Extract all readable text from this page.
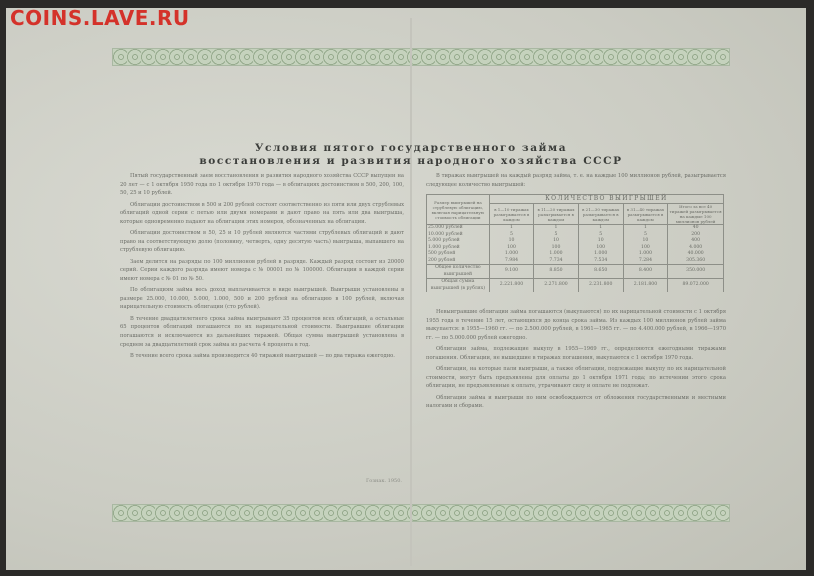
Условия пятого государственного займа
восстановления и развития народного хозяйства СССР

Пятый государственный заем восстановления и развития народного хозяйства СССР выпущен на 20 лет — с 1 октября 1950 года по 1 октября 1970 года — в облигациях достоинством в 500, 200, 100, 50, 25 и 10 рублей.

Облигации достоинством в 500 и 200 рублей состоят соответственно из пяти или двух cтрублевых облигаций одной серии с петью или двумя номерами и дают право на пять или два выигрыша, которые одновременно падают на облигации этих номеров, обозначенных на облигации.

Облигации достоинством в 50, 25 и 10 рублей являются частями струблевых облигаций и дают право на соответствующую долю (половину, четверть, одну десятую часть) выигрыша, выпавшего на струблевую облигацию.

Заем делится на разряды по 100 миллионов рублей в разряде. Каждый разряд состоит из 20000 серий. Серии каждого разряда имеют номера с № 00001 по № 100000. Облигации в каждой серии имеют номера с № 01 по № 50.

По облигациям займа весь доход выплачивается в виде выигрышей. Выигрыши установлены в размере 25.000, 10.000, 5.000, 1.000, 500 и 200 рублей на облигацию в 100 рублей, включая нарицательную стоимость облигации (сто рублей).

В течение двадцатилетнего срока займа выигрывают 35 процентов всех облигаций, а остальные 65 процентов облигаций погашаются по их нарицательной стоимости. Выигравшие облигации погашаются и исключаются из дальнейших тиражей. Общая сумма выигрышей установлена в среднем за двадцатилетний срок займа из расчета 4 процента в год.

В течение всего срока займа производится 40 тиражей выигрышей — по два тиража ежегодно.

В тиражах выигрышей на каждый разряд займа, т. е. на каждые 100 миллионов рублей, разыгрывается следующее количество выигрышей:

Размер выигрышей на струблевую облигацию, включая нарицательную стоимость облигации	КОЛИЧЕСТВО ВЫИГРЫШЕЙ				
	в 1—10 тиражах разыгрывается в каждом	в 11—20 тиражах разыгрывается в каждом	в 21—30 тиражах разыгрывается в каждом	в 31—40 тиражах разыгрывается в каждом	Итого за все 40 тиражей разыгрывается на каждые 100 миллионов рублей
25.000 рублей	1	1	1	1	40
10.000 рублей	5	5	5	5	200
5.000 рублей	10	10	10	10	400
1.000 рублей	100	100	100	100	4.000
500 рублей	1.000	1.000	1.000	1.000	40.000
200 рублей	7.984	7.734	7.534	7.284	305.360
Общее количество выигрышей	9.100	8.850	8.650	8.400	350.000
Общая сумма выигрышей (в рублях)	2.221.800	2.271.800	2.231.800	2.181.800	89.072.000

Невыигравшие облигации займа погашаются (выкупаются) по их нарицательной стоимости с 1 октября 1955 года в течение 15 лет, остающихся до конца срока займа. Из каждых 100 миллионов рублей займа выкупается: в 1955—1960 гг. — по 2.500.000 рублей, в 1961—1965 гг. — по 4.400.000 рублей, в 1966—1970 гг. — по 5.000.000 рублей ежегодно.

Облигации займа, подлежащие выкупу в 1955—1969 гг., определяются ежегодными тиражами погашения. Облигации, не вышедшие в тиражах погашения, выкупаются с 1 октября 1970 года.

Облигации, на которые пали выигрыши, а также облигации, подлежащие выкупу по их нарицательной стоимости, могут быть предъявлены для оплаты до 1 октября 1971 года; по истечении этого срока облигации, не предъявленные к оплате, утрачивают силу и оплате не подлежат.

Облигации займа и выигрыши по ним освобождаются от обложения государственными и местными налогами и сборами.

Гознак. 1950.
COINS.LAVE.RU
